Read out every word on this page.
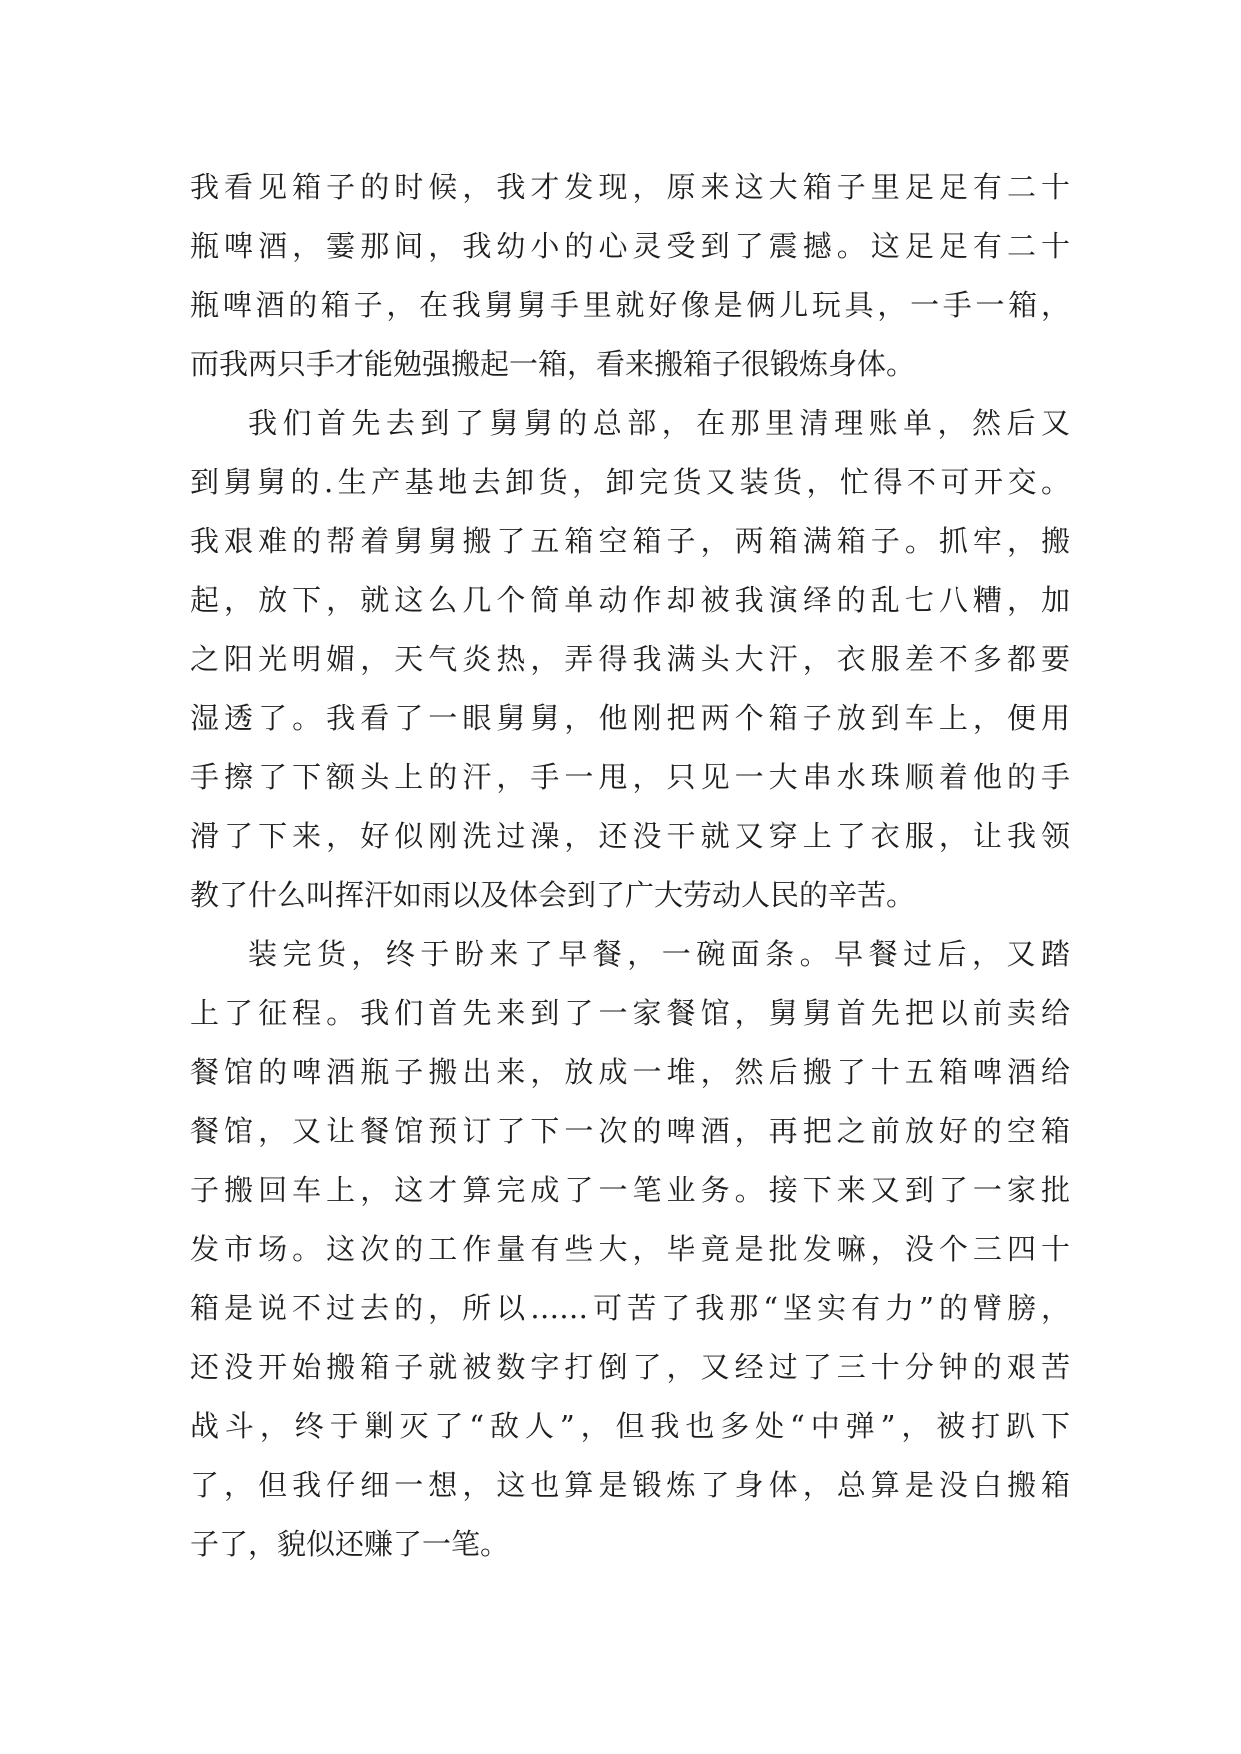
我看见箱子的时候，我才发现，原来这大箱子里足足有二十
瓶啤酒，霎那间，我幼小的心灵受到了震撼。这足足有二十
瓶啤酒的箱子，在我舅舅手里就好像是俩儿玩具，一手一箱，
而我两只手才能勉强搬起一箱，看来搬箱子很锻炼身体。
我们首先去到了舅舅的总部，在那里清理账单，然后又
到舅舅的.生产基地去卸货，卸完货又装货，忙得不可开交。
我艰难的帮着舅舅搬了五箱空箱子，两箱满箱子。抓牢，搬
起，放下，就这么几个简单动作却被我演绎的乱七八糟，加
之阳光明媚，天气炎热，弄得我满头大汗，衣服差不多都要
湿透了。我看了一眼舅舅，他刚把两个箱子放到车上，便用
手擦了下额头上的汗，手一甩，只见一大串水珠顺着他的手
滑了下来，好似刚洗过澡，还没干就又穿上了衣服，让我领
教了什么叫挥汗如雨以及体会到了广大劳动人民的辛苦。
装完货，终于盼来了早餐，一碗面条。早餐过后，又踏
上了征程。我们首先来到了一家餐馆，舅舅首先把以前卖给
餐馆的啤酒瓶子搬出来，放成一堆，然后搬了十五箱啤酒给
餐馆，又让餐馆预订了下一次的啤酒，再把之前放好的空箱
子搬回车上，这才算完成了一笔业务。接下来又到了一家批
发市场。这次的工作量有些大，毕竟是批发嘛，没个三四十
箱是说不过去的，所以……可苦了我那“坚实有力”的臂膀，
还没开始搬箱子就被数字打倒了，又经过了三十分钟的艰苦
战斗，终于剿灭了“敌人”，但我也多处“中弹”，被打趴下
了，但我仔细一想，这也算是锻炼了身体，总算是没白搬箱
子了，貌似还赚了一笔。
